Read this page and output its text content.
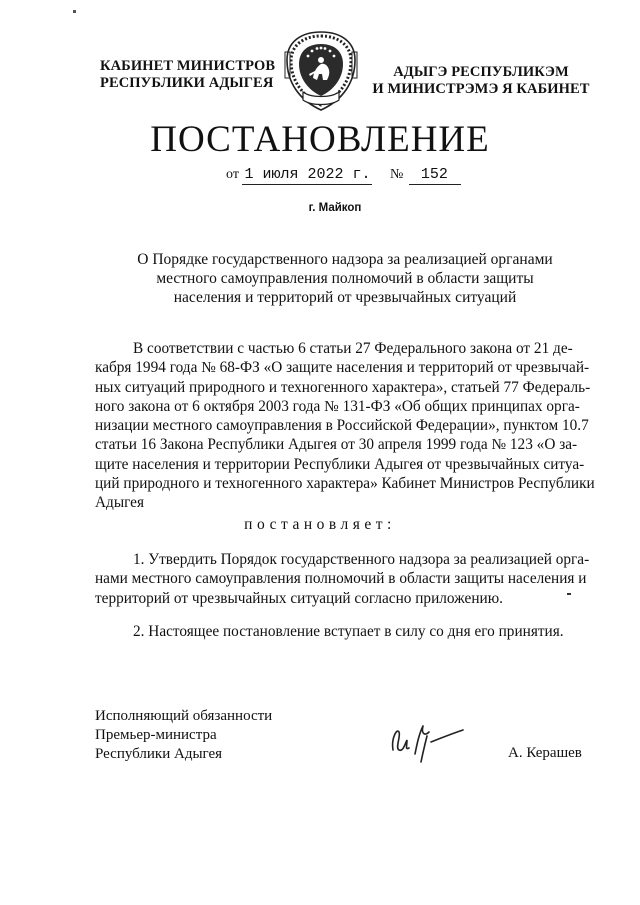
КАБИНЕТ МИНИСТРОВ
РЕСПУБЛИКИ АДЫГЕЯ
АДЫГЭ РЕСПУБЛИКЭМ
И МИНИСТРЭМЭ Я КАБИНЕТ
ПОСТАНОВЛЕНИЕ
от 1 июля 2022 г. № 152
г. Майкоп
О Порядке государственного надзора за реализацией органами
местного самоуправления полномочий в области защиты
населения и территорий от чрезвычайных ситуаций
В соответствии с частью 6 статьи 27 Федерального закона от 21 де-
кабря 1994 года № 68-ФЗ «О защите населения и территорий от чрезвычай-
ных ситуаций природного и техногенного характера», статьей 77 Федераль-
ного закона от 6 октября 2003 года № 131-ФЗ «Об общих принципах орга-
низации местного самоуправления в Российской Федерации», пунктом 10.7
статьи 16 Закона Республики Адыгея от 30 апреля 1999 года № 123 «О за-
щите населения и территории Республики Адыгея от чрезвычайных ситуа-
ций природного и техногенного характера» Кабинет Министров Республики
Адыгея
постановляет:
1. Утвердить Порядок государственного надзора за реализацией орга-
нами местного самоуправления полномочий в области защиты населения и
территорий от чрезвычайных ситуаций согласно приложению.
2. Настоящее постановление вступает в силу со дня его принятия.
Исполняющий обязанности
Премьер-министра
Республики Адыгея	А. Керашев
